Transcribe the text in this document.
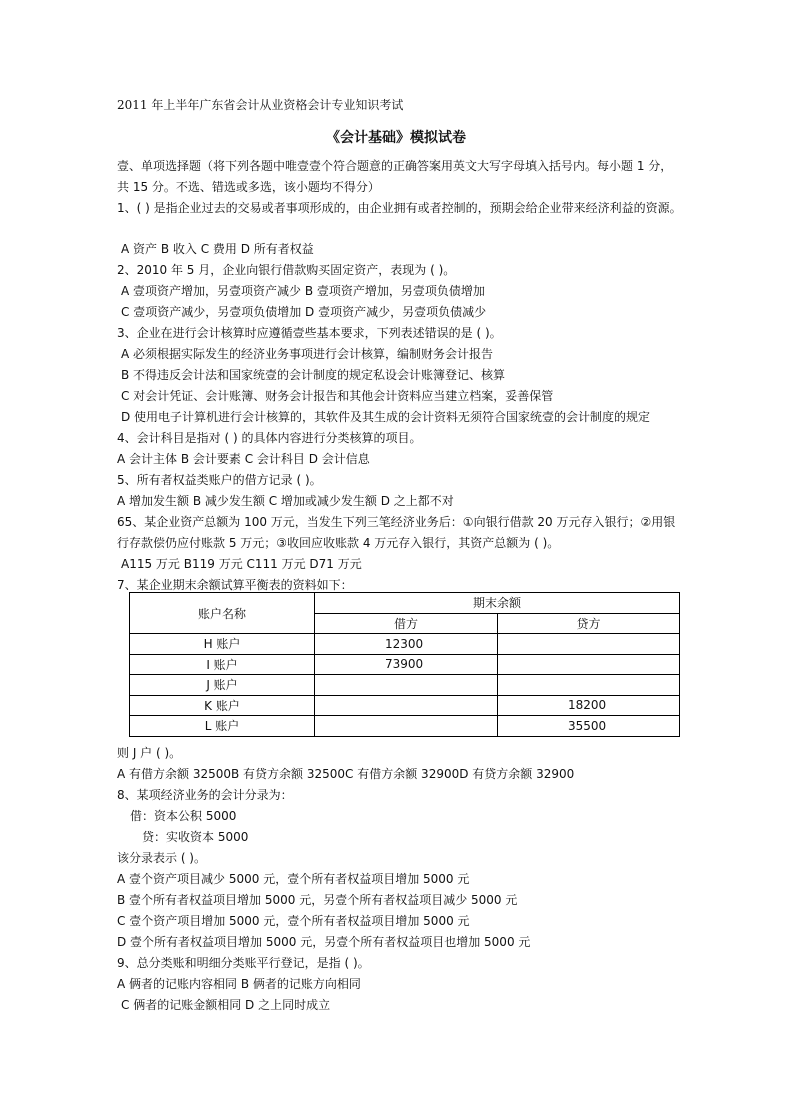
2011 年上半年广东省会计从业资格会计专业知识考试
《会计基础》模拟试卷
壹、单项选择题（将下列各题中唯壹壹个符合题意的正确答案用英文大写字母填入括号内。每小题 1 分，
共 15 分。不选、错选或多选，该小题均不得分）
1、( ) 是指企业过去的交易或者事项形成的，由企业拥有或者控制的，预期会给企业带来经济利益的资源。
A 资产 B 收入 C 费用 D 所有者权益
2、2010 年 5 月，企业向银行借款购买固定资产，表现为 ( )。
A 壹项资产增加，另壹项资产减少 B 壹项资产增加，另壹项负债增加
C 壹项资产减少，另壹项负债增加 D 壹项资产减少，另壹项负债减少
3、企业在进行会计核算时应遵循壹些基本要求，下列表述错误的是 ( )。
A 必须根据实际发生的经济业务事项进行会计核算，编制财务会计报告
B 不得违反会计法和国家统壹的会计制度的规定私设会计账簿登记、核算
C 对会计凭证、会计账簿、财务会计报告和其他会计资料应当建立档案，妥善保管
D 使用电子计算机进行会计核算的，其软件及其生成的会计资料无须符合国家统壹的会计制度的规定
4、会计科目是指对 ( ) 的具体内容进行分类核算的项目。
A 会计主体 B 会计要素 C 会计科目 D 会计信息
5、所有者权益类账户的借方记录 ( )。
A 增加发生额 B 减少发生额 C 增加或减少发生额 D 之上都不对
65、某企业资产总额为 100 万元，当发生下列三笔经济业务后：①向银行借款 20 万元存入银行；②用银
行存款偿仍应付账款 5 万元；③收回应收账款 4 万元存入银行，其资产总额为 ( )。
A115 万元 B119 万元 C111 万元 D71 万元
7、某企业期末余额试算平衡表的资料如下：
账户名称	期末余额	
	借方	贷方
H 账户	12300	
I 账户	73900	
J 账户		
K 账户		18200
L 账户		35500
则 J 户 ( )。
A 有借方余额 32500B 有贷方余额 32500C 有借方余额 32900D 有贷方余额 32900
8、某项经济业务的会计分录为：
借：资本公积 5000
贷：实收资本 5000
该分录表示 ( )。
A 壹个资产项目减少 5000 元，壹个所有者权益项目增加 5000 元
B 壹个所有者权益项目增加 5000 元，另壹个所有者权益项目减少 5000 元
C 壹个资产项目增加 5000 元，壹个所有者权益项目增加 5000 元
D 壹个所有者权益项目增加 5000 元，另壹个所有者权益项目也增加 5000 元
9、总分类账和明细分类账平行登记，是指 ( )。
A 俩者的记账内容相同 B 俩者的记账方向相同
C 俩者的记账金额相同 D 之上同时成立
